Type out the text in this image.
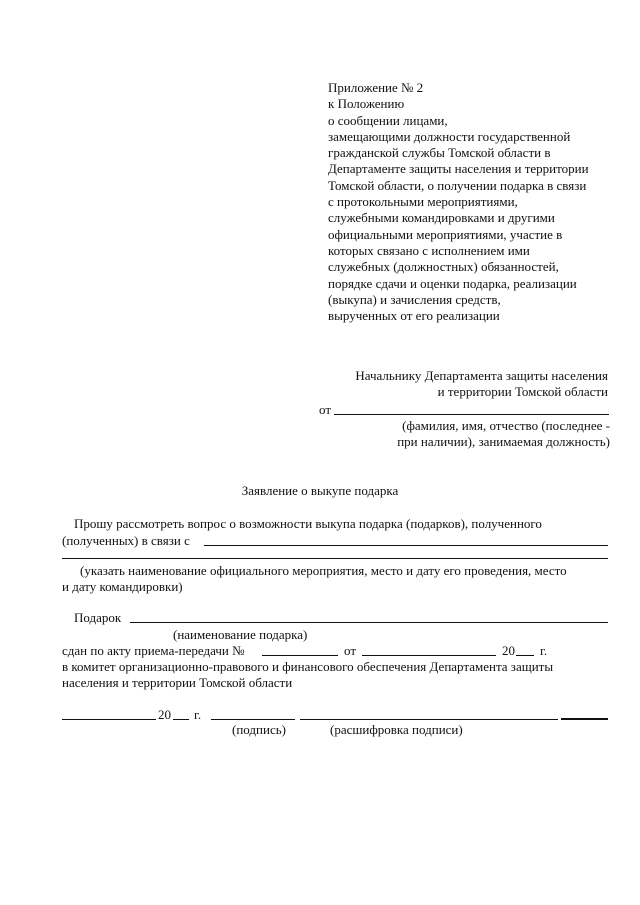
Приложение № 2
к Положению
о сообщении лицами,
замещающими должности государственной
гражданской службы Томской области в
Департаменте защиты населения и территории
Томской области, о получении подарка в связи
с протокольными мероприятиями,
служебными командировками и другими
официальными мероприятиями, участие в
которых связано с исполнением ими
служебных (должностных) обязанностей,
порядке сдачи и оценки подарка, реализации
(выкупа) и зачисления средств,
вырученных от его реализации
Начальнику Департамента защиты населения
и территории Томской области
от
(фамилия, имя, отчество (последнее -
при наличии), занимаемая должность)
Заявление о выкупе подарка
Прошу рассмотреть вопрос о возможности выкупа подарка (подарков), полученного
(полученных) в связи с
(указать наименование официального мероприятия, место и дату его проведения, место
и дату командировки)
Подарок
(наименование подарка)
сдан по акту приема-передачи №	от	20 г.
в комитет организационно-правового и финансового обеспечения Департамента защиты
населения и территории Томской области
20 г.
(подпись)	(расшифровка подписи)
